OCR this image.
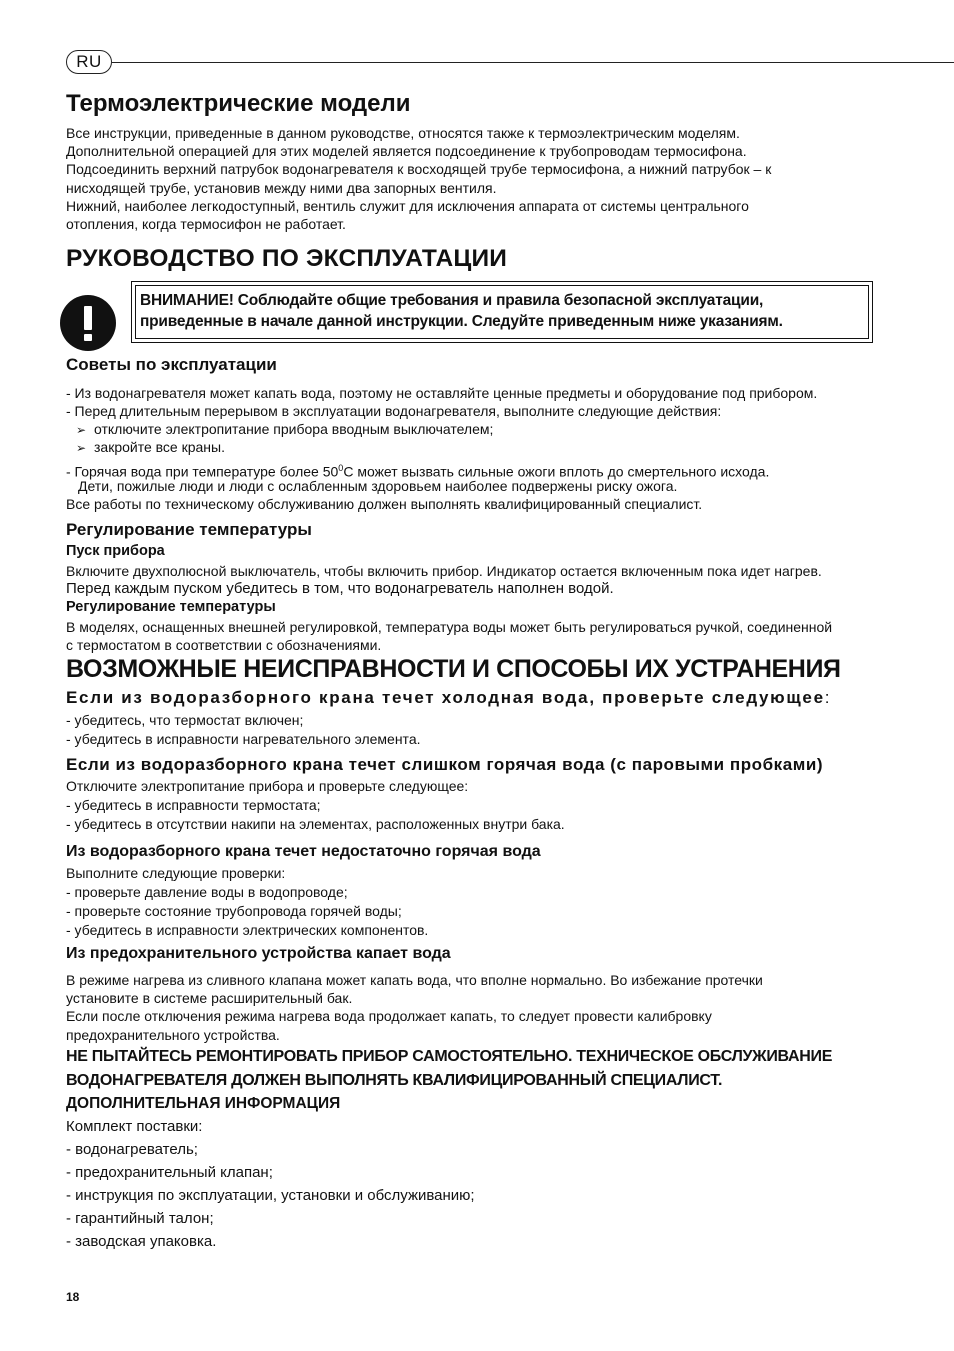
RU
Термоэлектрические модели
Все инструкции, приведенные в данном руководстве, относятся также к термоэлектрическим моделям.
Дополнительной операцией для этих моделей является подсоединение к трубопроводам термосифона.
Подсоединить верхний патрубок водонагревателя к восходящей трубе термосифона, а нижний патрубок – к
нисходящей трубе, установив между ними два запорных вентиля.
Нижний, наиболее легкодоступный, вентиль служит для исключения аппарата от системы центрального
отопления, когда термосифон не работает.
РУКОВОДСТВО ПО ЭКСПЛУАТАЦИИ
ВНИМАНИЕ! Соблюдайте общие требования и правила безопасной эксплуатации,
приведенные в начале данной инструкции. Следуйте приведенным ниже указаниям.
Советы по эксплуатации
- Из водонагревателя может капать вода, поэтому не оставляйте ценные предметы и оборудование под прибором.
- Перед длительным перерывом в эксплуатации водонагревателя, выполните следующие действия:
➢ отключите электропитание прибора вводным выключателем;
➢ закройте все краны.
- Горячая вода при температуре более $50^0С$ может вызвать сильные ожоги вплоть до смертельного исхода.
Дети, пожилые люди и люди с ослабленным здоровьем наиболее подвержены риску ожога.
Все работы по техническому обслуживанию должен выполнять квалифицированный специалист.
Регулирование температуры
Пуск прибора
Включите двухполюсной выключатель, чтобы включить прибор. Индикатор остается включенным пока идет нагрев.
Перед каждым пуском убедитесь в том, что водонагреватель наполнен водой.
Регулирование температуры
В моделях, оснащенных внешней регулировкой, температура воды может быть регулироваться ручкой, соединенной
с термостатом в соответствии с обозначениями.
ВОЗМОЖНЫЕ НЕИСПРАВНОСТИ И СПОСОБЫ ИХ УСТРАНЕНИЯ
Если из водоразборного крана течет холодная вода, проверьте следующее:
- убедитесь, что термостат включен;
- убедитесь в исправности нагревательного элемента.
Если из водоразборного крана течет слишком горячая вода (с паровыми пробками)
Отключите электропитание прибора и проверьте следующее:
- убедитесь в исправности термостата;
- убедитесь в отсутствии накипи на элементах, расположенных внутри бака.
Из водоразборного крана течет недостаточно горячая вода
Выполните следующие проверки:
- проверьте давление воды в водопроводе;
- проверьте состояние трубопровода горячей воды;
- убедитесь в исправности электрических компонентов.
Из предохранительного устройства капает вода
В режиме нагрева из сливного клапана может капать вода, что вполне нормально. Во избежание протечки
установите в системе расширительный бак.
Если после отключения режима нагрева вода продолжает капать, то следует провести калибровку
предохранительного устройства.
НЕ ПЫТАЙТЕСЬ РЕМОНТИРОВАТЬ ПРИБОР САМОСТОЯТЕЛЬНО. ТЕХНИЧЕСКОЕ ОБСЛУЖИВАНИЕ
ВОДОНАГРЕВАТЕЛЯ ДОЛЖЕН ВЫПОЛНЯТЬ КВАЛИФИЦИРОВАННЫЙ СПЕЦИАЛИСТ.
ДОПОЛНИТЕЛЬНАЯ ИНФОРМАЦИЯ
Комплект поставки:
- водонагреватель;
- предохранительный клапан;
- инструкция по эксплуатации, установки и обслуживанию;
- гарантийный талон;
- заводская упаковка.
18
